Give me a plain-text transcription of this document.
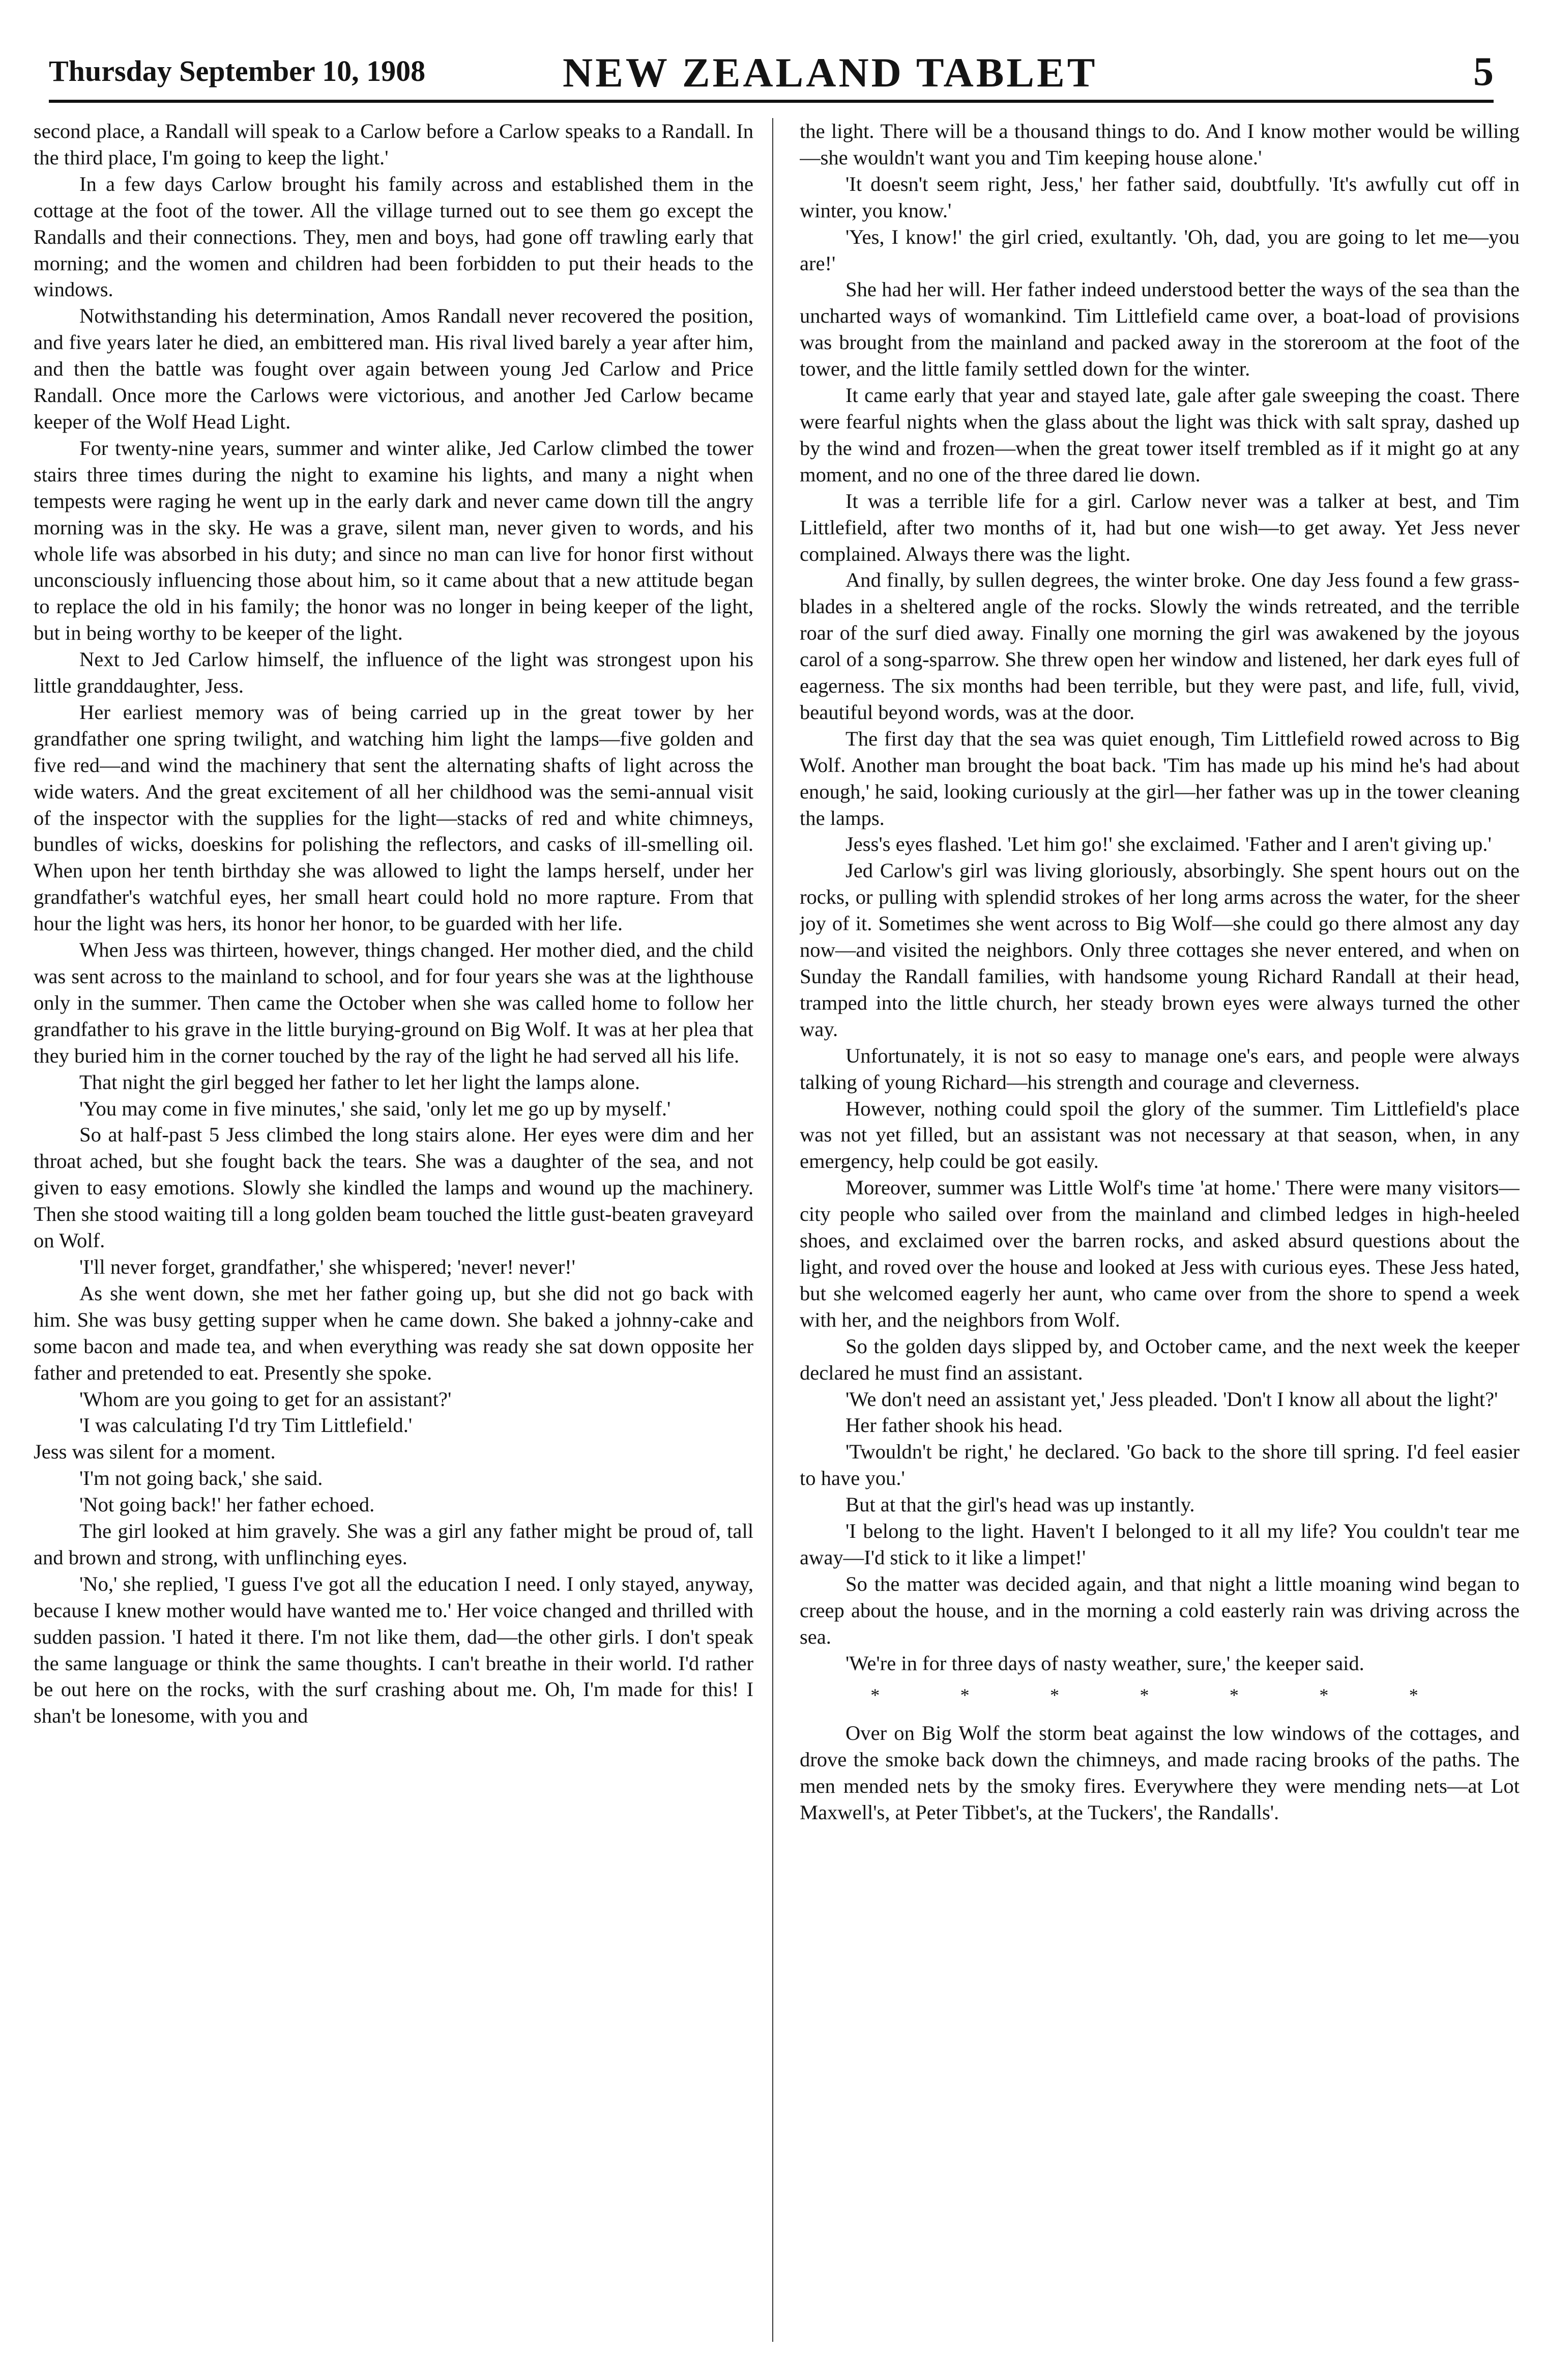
Thursday September 10, 1908	NEW ZEALAND TABLET	5

second place, a Randall will speak to a Carlow before a Carlow speaks to a Randall. In the third place, I'm going to keep the light.'

In a few days Carlow brought his family across and established them in the cottage at the foot of the tower. All the village turned out to see them go except the Randalls and their connections. They, men and boys, had gone off trawling early that morning; and the women and children had been forbidden to put their heads to the windows.

Notwithstanding his determination, Amos Randall never recovered the position, and five years later he died, an embittered man. His rival lived barely a year after him, and then the battle was fought over again between young Jed Carlow and Price Randall. Once more the Carlows were victorious, and another Jed Carlow became keeper of the Wolf Head Light.

For twenty-nine years, summer and winter alike, Jed Carlow climbed the tower stairs three times during the night to examine his lights, and many a night when tempests were raging he went up in the early dark and never came down till the angry morning was in the sky. He was a grave, silent man, never given to words, and his whole life was absorbed in his duty; and since no man can live for honor first without unconsciously influencing those about him, so it came about that a new attitude began to replace the old in his family; the honor was no longer in being keeper of the light, but in being worthy to be keeper of the light.

Next to Jed Carlow himself, the influence of the light was strongest upon his little granddaughter, Jess.

Her earliest memory was of being carried up in the great tower by her grandfather one spring twilight, and watching him light the lamps—five golden and five red—and wind the machinery that sent the alternating shafts of light across the wide waters. And the great excitement of all her childhood was the semi-annual visit of the inspector with the supplies for the light—stacks of red and white chimneys, bundles of wicks, doeskins for polishing the reflectors, and casks of ill-smelling oil. When upon her tenth birthday she was allowed to light the lamps herself, under her grandfather's watchful eyes, her small heart could hold no more rapture. From that hour the light was hers, its honor her honor, to be guarded with her life.

When Jess was thirteen, however, things changed. Her mother died, and the child was sent across to the mainland to school, and for four years she was at the lighthouse only in the summer. Then came the October when she was called home to follow her grandfather to his grave in the little burying-ground on Big Wolf. It was at her plea that they buried him in the corner touched by the ray of the light he had served all his life.

That night the girl begged her father to let her light the lamps alone.

'You may come in five minutes,' she said, 'only let me go up by myself.'

So at half-past 5 Jess climbed the long stairs alone. Her eyes were dim and her throat ached, but she fought back the tears. She was a daughter of the sea, and not given to easy emotions. Slowly she kindled the lamps and wound up the machinery. Then she stood waiting till a long golden beam touched the little gust-beaten graveyard on Wolf.

'I'll never forget, grandfather,' she whispered; 'never! never!'

As she went down, she met her father going up, but she did not go back with him. She was busy getting supper when he came down. She baked a johnny-cake and some bacon and made tea, and when everything was ready she sat down opposite her father and pretended to eat. Presently she spoke.

'Whom are you going to get for an assistant?'

'I was calculating I'd try Tim Littlefield.'

Jess was silent for a moment.

'I'm not going back,' she said.

'Not going back!' her father echoed.

The girl looked at him gravely. She was a girl any father might be proud of, tall and brown and strong, with unflinching eyes.

'No,' she replied, 'I guess I've got all the education I need. I only stayed, anyway, because I knew mother would have wanted me to.' Her voice changed and thrilled with sudden passion. 'I hated it there. I'm not like them, dad—the other girls. I don't speak the same language or think the same thoughts. I can't breathe in their world. I'd rather be out here on the rocks, with the surf crashing about me. Oh, I'm made for this! I shan't be lonesome, with you and

the light. There will be a thousand things to do. And I know mother would be willing—she wouldn't want you and Tim keeping house alone.'

'It doesn't seem right, Jess,' her father said, doubtfully. 'It's awfully cut off in winter, you know.'

'Yes, I know!' the girl cried, exultantly. 'Oh, dad, you are going to let me—you are!'

She had her will. Her father indeed understood better the ways of the sea than the uncharted ways of womankind. Tim Littlefield came over, a boat-load of provisions was brought from the mainland and packed away in the storeroom at the foot of the tower, and the little family settled down for the winter.

It came early that year and stayed late, gale after gale sweeping the coast. There were fearful nights when the glass about the light was thick with salt spray, dashed up by the wind and frozen—when the great tower itself trembled as if it might go at any moment, and no one of the three dared lie down.

It was a terrible life for a girl. Carlow never was a talker at best, and Tim Littlefield, after two months of it, had but one wish—to get away. Yet Jess never complained. Always there was the light.

And finally, by sullen degrees, the winter broke. One day Jess found a few grass-blades in a sheltered angle of the rocks. Slowly the winds retreated, and the terrible roar of the surf died away. Finally one morning the girl was awakened by the joyous carol of a song-sparrow. She threw open her window and listened, her dark eyes full of eagerness. The six months had been terrible, but they were past, and life, full, vivid, beautiful beyond words, was at the door.

The first day that the sea was quiet enough, Tim Littlefield rowed across to Big Wolf. Another man brought the boat back. 'Tim has made up his mind he's had about enough,' he said, looking curiously at the girl—her father was up in the tower cleaning the lamps.

Jess's eyes flashed. 'Let him go!' she exclaimed. 'Father and I aren't giving up.'

Jed Carlow's girl was living gloriously, absorbingly. She spent hours out on the rocks, or pulling with splendid strokes of her long arms across the water, for the sheer joy of it. Sometimes she went across to Big Wolf—she could go there almost any day now—and visited the neighbors. Only three cottages she never entered, and when on Sunday the Randall families, with handsome young Richard Randall at their head, tramped into the little church, her steady brown eyes were always turned the other way.

Unfortunately, it is not so easy to manage one's ears, and people were always talking of young Richard—his strength and courage and cleverness.

However, nothing could spoil the glory of the summer. Tim Littlefield's place was not yet filled, but an assistant was not necessary at that season, when, in any emergency, help could be got easily.

Moreover, summer was Little Wolf's time 'at home.' There were many visitors—city people who sailed over from the mainland and climbed ledges in high-heeled shoes, and exclaimed over the barren rocks, and asked absurd questions about the light, and roved over the house and looked at Jess with curious eyes. These Jess hated, but she welcomed eagerly her aunt, who came over from the shore to spend a week with her, and the neighbors from Wolf.

So the golden days slipped by, and October came, and the next week the keeper declared he must find an assistant.

'We don't need an assistant yet,' Jess pleaded. 'Don't I know all about the light?'

Her father shook his head.

'Twouldn't be right,' he declared. 'Go back to the shore till spring. I'd feel easier to have you.'

But at that the girl's head was up instantly.

'I belong to the light. Haven't I belonged to it all my life? You couldn't tear me away—I'd stick to it like a limpet!'

So the matter was decided again, and that night a little moaning wind began to creep about the house, and in the morning a cold easterly rain was driving across the sea.

'We're in for three days of nasty weather, sure,' the keeper said.

*	*	*	*	*	*	*

Over on Big Wolf the storm beat against the low windows of the cottages, and drove the smoke back down the chimneys, and made racing brooks of the paths. The men mended nets by the smoky fires. Everywhere they were mending nets—at Lot Maxwell's, at Peter Tibbet's, at the Tuckers', the Randalls'.
